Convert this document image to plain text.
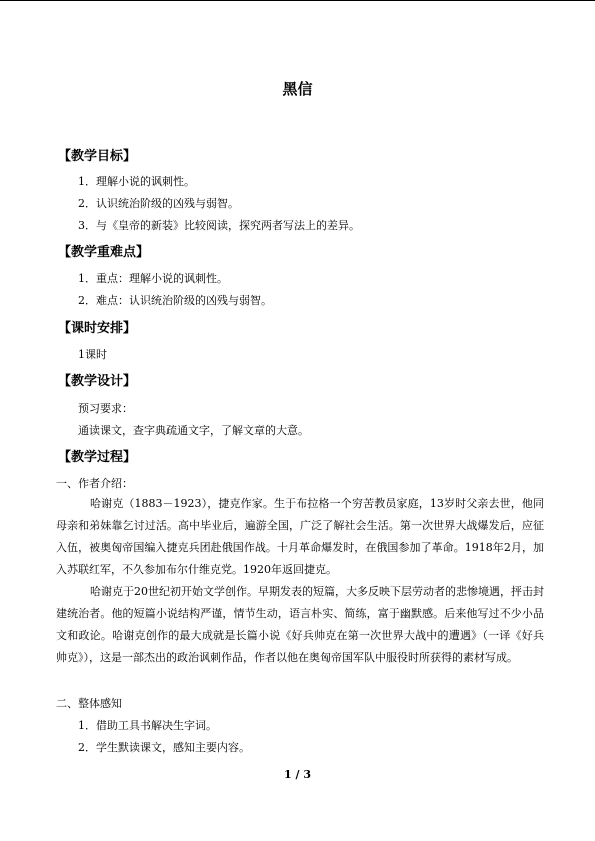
黑信
【教学目标】
1．理解小说的讽刺性。
2．认识统治阶级的凶残与弱智。
3．与《皇帝的新装》比较阅读，探究两者写法上的差异。
【教学重难点】
1．重点：理解小说的讽刺性。
2．难点：认识统治阶级的凶残与弱智。
【课时安排】
1课时
【教学设计】
预习要求：
通读课文，查字典疏通文字，了解文章的大意。
【教学过程】
一、作者介绍：
哈谢克（1883－1923），捷克作家。生于布拉格一个穷苦教员家庭，13岁时父亲去世，他同母亲和弟妹靠乞讨过活。高中毕业后，遍游全国，广泛了解社会生活。第一次世界大战爆发后，应征入伍，被奥匈帝国编入捷克兵团赴俄国作战。十月革命爆发时，在俄国参加了革命。1918年2月，加入苏联红军，不久参加布尔什维克党。1920年返回捷克。
哈谢克于20世纪初开始文学创作。早期发表的短篇，大多反映下层劳动者的悲惨境遇，抨击封建统治者。他的短篇小说结构严谨，情节生动，语言朴实、简练，富于幽默感。后来他写过不少小品文和政论。哈谢克创作的最大成就是长篇小说《好兵帅克在第一次世界大战中的遭遇》（一译《好兵帅克》），这是一部杰出的政治讽刺作品，作者以他在奥匈帝国军队中服役时所获得的素材写成。
二、整体感知
1．借助工具书解决生字词。
2．学生默读课文，感知主要内容。
1 / 3
